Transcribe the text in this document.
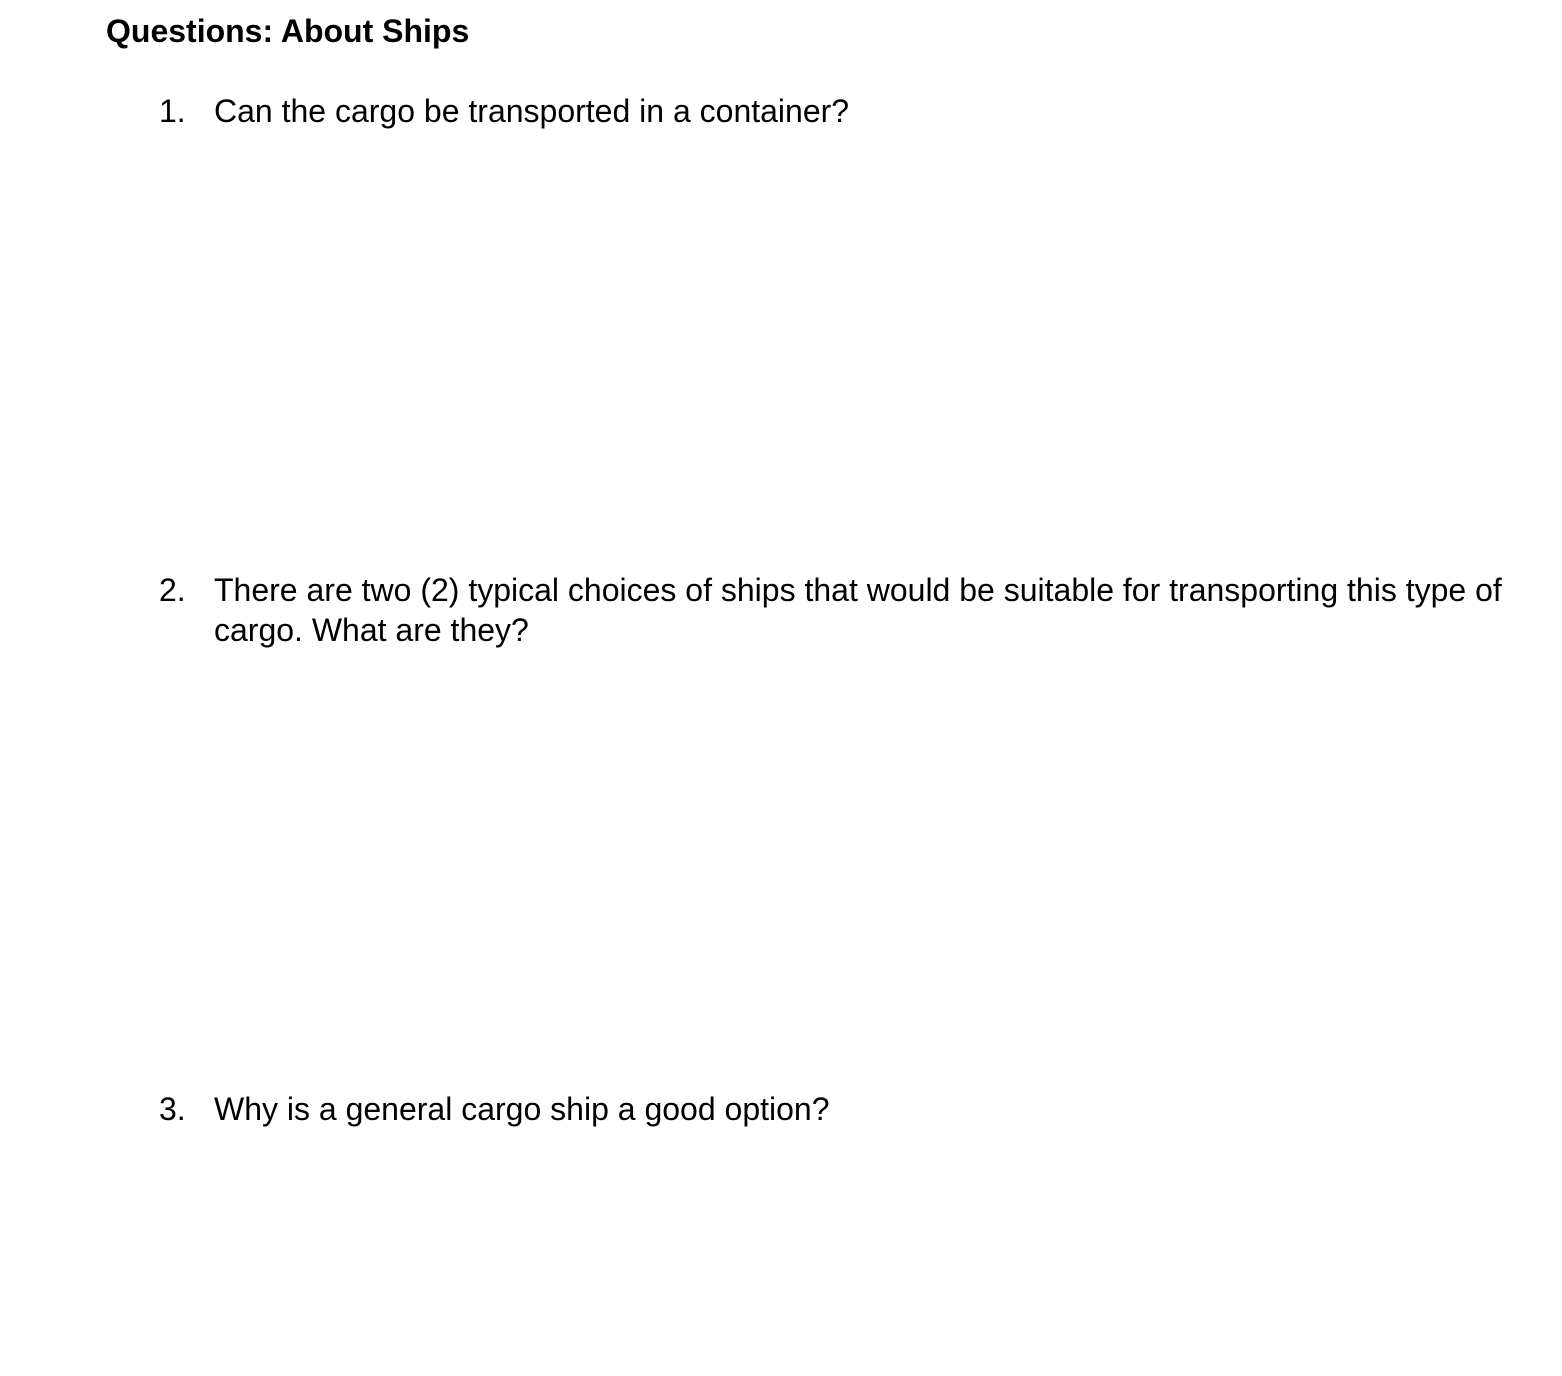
Questions: About Ships
1. Can the cargo be transported in a container?
2. There are two (2) typical choices of ships that would be suitable for transporting this type of cargo. What are they?
3. Why is a general cargo ship a good option?
